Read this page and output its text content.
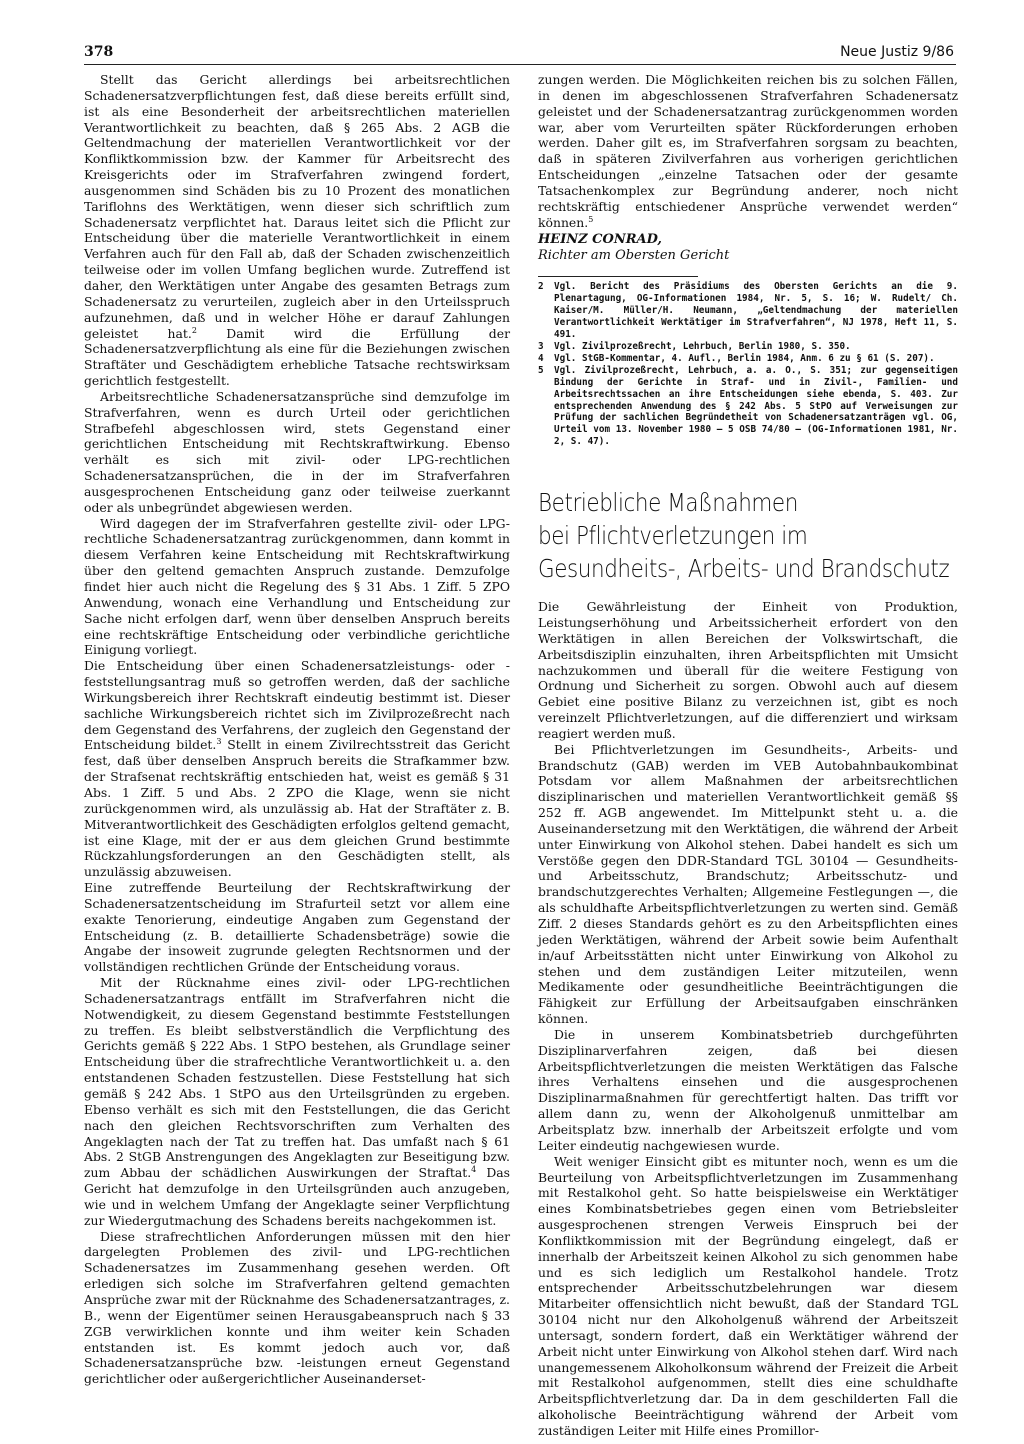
378	Neue Justiz 9/86

Stellt das Gericht allerdings bei arbeitsrechtlichen Schadenersatzverpflichtungen fest, daß diese bereits erfüllt sind, ist als eine Besonderheit der arbeitsrechtlichen materiellen Verantwortlichkeit zu beachten, daß § 265 Abs. 2 AGB die Geltendmachung der materiellen Verantwortlichkeit vor der Konfliktkommission bzw. der Kammer für Arbeitsrecht des Kreisgerichts oder im Strafverfahren zwingend fordert, ausgenommen sind Schäden bis zu 10 Prozent des monatlichen Tariflohns des Werktätigen, wenn dieser sich schriftlich zum Schadenersatz verpflichtet hat. Daraus leitet sich die Pflicht zur Entscheidung über die materielle Verantwortlichkeit in einem Verfahren auch für den Fall ab, daß der Schaden zwischenzeitlich teilweise oder im vollen Umfang beglichen wurde. Zutreffend ist daher, den Werktätigen unter Angabe des gesamten Betrags zum Schadenersatz zu verurteilen, zugleich aber in den Urteilsspruch aufzunehmen, daß und in welcher Höhe er darauf Zahlungen geleistet hat.$^2$ Damit wird die Erfüllung der Schadenersatzverpflichtung als eine für die Beziehungen zwischen Straftäter und Geschädigtem erhebliche Tatsache rechtswirksam gerichtlich festgestellt.

Arbeitsrechtliche Schadenersatzansprüche sind demzufolge im Strafverfahren, wenn es durch Urteil oder gerichtlichen Strafbefehl abgeschlossen wird, stets Gegenstand einer gerichtlichen Entscheidung mit Rechtskraftwirkung. Ebenso verhält es sich mit zivil- oder LPG-rechtlichen Schadenersatzansprüchen, die in der im Strafverfahren ausgesprochenen Entscheidung ganz oder teilweise zuerkannt oder als unbegründet abgewiesen werden.

Wird dagegen der im Strafverfahren gestellte zivil- oder LPG-rechtliche Schadenersatzantrag zurückgenommen, dann kommt in diesem Verfahren keine Entscheidung mit Rechtskraftwirkung über den geltend gemachten Anspruch zustande. Demzufolge findet hier auch nicht die Regelung des § 31 Abs. 1 Ziff. 5 ZPO Anwendung, wonach eine Verhandlung und Entscheidung zur Sache nicht erfolgen darf, wenn über denselben Anspruch bereits eine rechtskräftige Entscheidung oder verbindliche gerichtliche Einigung vorliegt.

Die Entscheidung über einen Schadenersatzleistungs- oder -feststellungsantrag muß so getroffen werden, daß der sachliche Wirkungsbereich ihrer Rechtskraft eindeutig bestimmt ist. Dieser sachliche Wirkungsbereich richtet sich im Zivilprozeßrecht nach dem Gegenstand des Verfahrens, der zugleich den Gegenstand der Entscheidung bildet.$^3$ Stellt in einem Zivilrechtsstreit das Gericht fest, daß über denselben Anspruch bereits die Strafkammer bzw. der Strafsenat rechtskräftig entschieden hat, weist es gemäß § 31 Abs. 1 Ziff. 5 und Abs. 2 ZPO die Klage, wenn sie nicht zurückgenommen wird, als unzulässig ab. Hat der Straftäter z. B. Mitverantwortlichkeit des Geschädigten erfolglos geltend gemacht, ist eine Klage, mit der er aus dem gleichen Grund bestimmte Rückzahlungsforderungen an den Geschädigten stellt, als unzulässig abzuweisen.

Eine zutreffende Beurteilung der Rechtskraftwirkung der Schadenersatzentscheidung im Strafurteil setzt vor allem eine exakte Tenorierung, eindeutige Angaben zum Gegenstand der Entscheidung (z. B. detaillierte Schadensbeträge) sowie die Angabe der insoweit zugrunde gelegten Rechtsnormen und der vollständigen rechtlichen Gründe der Entscheidung voraus.

Mit der Rücknahme eines zivil- oder LPG-rechtlichen Schadenersatzantrags entfällt im Strafverfahren nicht die Notwendigkeit, zu diesem Gegenstand bestimmte Feststellungen zu treffen. Es bleibt selbstverständlich die Verpflichtung des Gerichts gemäß § 222 Abs. 1 StPO bestehen, als Grundlage seiner Entscheidung über die strafrechtliche Verantwortlichkeit u. a. den entstandenen Schaden festzustellen. Diese Feststellung hat sich gemäß § 242 Abs. 1 StPO aus den Urteilsgründen zu ergeben. Ebenso verhält es sich mit den Feststellungen, die das Gericht nach den gleichen Rechtsvorschriften zum Verhalten des Angeklagten nach der Tat zu treffen hat. Das umfaßt nach § 61 Abs. 2 StGB Anstrengungen des Angeklagten zur Beseitigung bzw. zum Abbau der schädlichen Auswirkungen der Straftat.$^4$ Das Gericht hat demzufolge in den Urteilsgründen auch anzugeben, wie und in welchem Umfang der Angeklagte seiner Verpflichtung zur Wiedergutmachung des Schadens bereits nachgekommen ist.

Diese strafrechtlichen Anforderungen müssen mit den hier dargelegten Problemen des zivil- und LPG-rechtlichen Schadenersatzes im Zusammenhang gesehen werden. Oft erledigen sich solche im Strafverfahren geltend gemachten Ansprüche zwar mit der Rücknahme des Schadenersatzantrages, z. B., wenn der Eigentümer seinen Herausgabeanspruch nach § 33 ZGB verwirklichen konnte und ihm weiter kein Schaden entstanden ist. Es kommt jedoch auch vor, daß Schadenersatzansprüche bzw. -leistungen erneut Gegenstand gerichtlicher oder außergerichtlicher Auseinanderset-

zungen werden. Die Möglichkeiten reichen bis zu solchen Fällen, in denen im abgeschlossenen Strafverfahren Schadenersatz geleistet und der Schadenersatzantrag zurückgenommen worden war, aber vom Verurteilten später Rückforderungen erhoben werden. Daher gilt es, im Strafverfahren sorgsam zu beachten, daß in späteren Zivilverfahren aus vorherigen gerichtlichen Entscheidungen „einzelne Tatsachen oder der gesamte Tatsachenkomplex zur Begründung anderer, noch nicht rechtskräftig entschiedener Ansprüche verwendet werden“ können.$^5$

HEINZ CONRAD,
Richter am Obersten Gericht
2	Vgl. Bericht des Präsidiums des Obersten Gerichts an die 9. Plenartagung, OG-Informationen 1984, Nr. 5, S. 16; W. Rudelt/ Ch. Kaiser/M. Müller/H. Neumann, „Geltendmachung der materiellen Verantwortlichkeit Werktätiger im Strafverfahren“, NJ 1978, Heft 11, S. 491.
3	Vgl. Zivilprozeßrecht, Lehrbuch, Berlin 1980, S. 350.
4	Vgl. StGB-Kommentar, 4. Aufl., Berlin 1984, Anm. 6 zu § 61 (S. 207).
5	Vgl. Zivilprozeßrecht, Lehrbuch, a. a. O., S. 351; zur gegenseitigen Bindung der Gerichte in Straf- und in Zivil-, Familien- und Arbeitsrechtssachen an ihre Entscheidungen siehe ebenda, S. 403. Zur entsprechenden Anwendung des § 242 Abs. 5 StPO auf Verweisungen zur Prüfung der sachlichen Begründetheit von Schadenersatzanträgen vgl. OG, Urteil vom 13. November 1980 — 5 OSB 74/80 — (OG-Informationen 1981, Nr. 2, S. 47).
Betriebliche Maßnahmen
bei Pflichtverletzungen im
Gesundheits-, Arbeits- und Brandschutz

Die Gewährleistung der Einheit von Produktion, Leistungserhöhung und Arbeitssicherheit erfordert von den Werktätigen in allen Bereichen der Volkswirtschaft, die Arbeitsdisziplin einzuhalten, ihren Arbeitspflichten mit Umsicht nachzukommen und überall für die weitere Festigung von Ordnung und Sicherheit zu sorgen. Obwohl auch auf diesem Gebiet eine positive Bilanz zu verzeichnen ist, gibt es noch vereinzelt Pflichtverletzungen, auf die differenziert und wirksam reagiert werden muß.

Bei Pflichtverletzungen im Gesundheits-, Arbeits- und Brandschutz (GAB) werden im VEB Autobahnbaukombinat Potsdam vor allem Maßnahmen der arbeitsrechtlichen disziplinarischen und materiellen Verantwortlichkeit gemäß §§ 252 ff. AGB angewendet. Im Mittelpunkt steht u. a. die Auseinandersetzung mit den Werktätigen, die während der Arbeit unter Einwirkung von Alkohol stehen. Dabei handelt es sich um Verstöße gegen den DDR-Standard TGL 30104 — Gesundheits- und Arbeitsschutz, Brandschutz; Arbeitsschutz- und brandschutzgerechtes Verhalten; Allgemeine Festlegungen —, die als schuldhafte Arbeitspflichtverletzungen zu werten sind. Gemäß Ziff. 2 dieses Standards gehört es zu den Arbeitspflichten eines jeden Werktätigen, während der Arbeit sowie beim Aufenthalt in/auf Arbeitsstätten nicht unter Einwirkung von Alkohol zu stehen und dem zuständigen Leiter mitzuteilen, wenn Medikamente oder gesundheitliche Beeinträchtigungen die Fähigkeit zur Erfüllung der Arbeitsaufgaben einschränken können.

Die in unserem Kombinatsbetrieb durchgeführten Disziplinarverfahren zeigen, daß bei diesen Arbeitspflichtverletzungen die meisten Werktätigen das Falsche ihres Verhaltens einsehen und die ausgesprochenen Disziplinarmaßnahmen für gerechtfertigt halten. Das trifft vor allem dann zu, wenn der Alkoholgenuß unmittelbar am Arbeitsplatz bzw. innerhalb der Arbeitszeit erfolgte und vom Leiter eindeutig nachgewiesen wurde.

Weit weniger Einsicht gibt es mitunter noch, wenn es um die Beurteilung von Arbeitspflichtverletzungen im Zusammenhang mit Restalkohol geht. So hatte beispielsweise ein Werktätiger eines Kombinatsbetriebes gegen einen vom Betriebsleiter ausgesprochenen strengen Verweis Einspruch bei der Konfliktkommission mit der Begründung eingelegt, daß er innerhalb der Arbeitszeit keinen Alkohol zu sich genommen habe und es sich lediglich um Restalkohol handele. Trotz entsprechender Arbeitsschutzbelehrungen war diesem Mitarbeiter offensichtlich nicht bewußt, daß der Standard TGL 30104 nicht nur den Alkoholgenuß während der Arbeitszeit untersagt, sondern fordert, daß ein Werktätiger während der Arbeit nicht unter Einwirkung von Alkohol stehen darf. Wird nach unangemessenem Alkoholkonsum während der Freizeit die Arbeit mit Restalkohol aufgenommen, stellt dies eine schuldhafte Arbeitspflichtverletzung dar. Da in dem geschilderten Fall die alkoholische Beeinträchtigung während der Arbeit vom zuständigen Leiter mit Hilfe eines Promillor-
